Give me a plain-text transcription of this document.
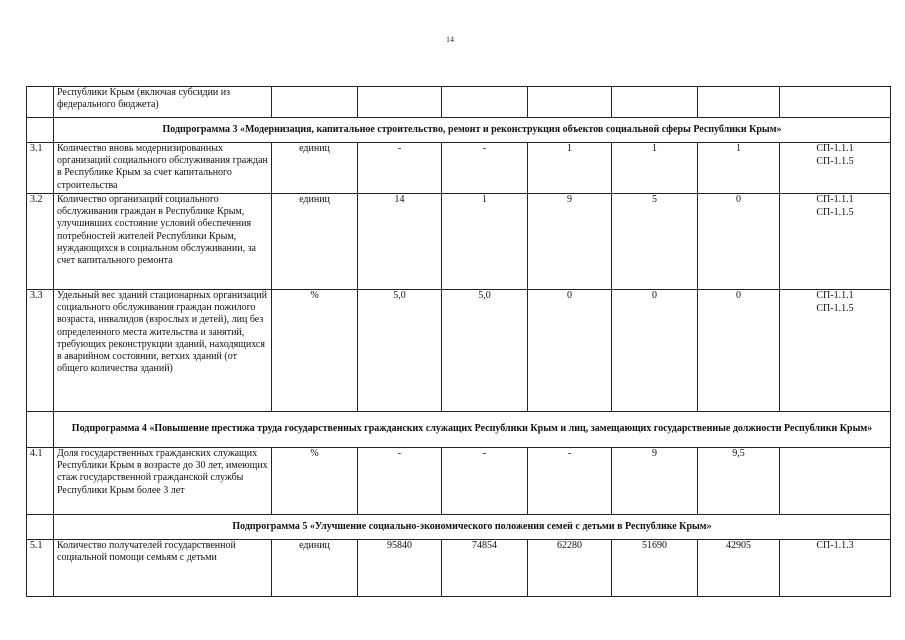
14
	Республики Крым (включая субсидии из федерального бюджета)							
	Подпрограмма 3 «Модернизация, капитальное строительство, ремонт и реконструкция объектов социальной сферы Республики Крым»							
3.1	Количество вновь модернизированных организаций социального обслуживания граждан в Республике Крым за счет капитального строительства	единиц	-	-	1	1	1	СП-1.1.1
СП-1.1.5

3.2	Количество организаций социального обслуживания граждан в Республике Крым, улучшивших состояние условий обеспечения потребностей жителей Республики Крым, нуждающихся в социальном обслуживании, за счет капитального ремонта	единиц	14	1	9	5	0	СП-1.1.1
СП-1.1.5

3.3	Удельный вес зданий стационарных организаций социального обслуживания граждан пожилого возраста, инвалидов (взрослых и детей), лиц без определенного места жительства и занятий, требующих реконструкции зданий, находящихся в аварийном состоянии, ветхих зданий (от общего количества зданий)	%	5,0	5,0	0	0	0	СП-1.1.1
СП-1.1.5

	Подпрограмма 4 «Повышение престижа труда государственных гражданских служащих Республики Крым и лиц, замещающих государственные должности Республики Крым»							
4.1	Доля государственных гражданских служащих Республики Крым в возрасте до 30 лет, имеющих стаж государственной гражданской службы Республики Крым более 3 лет	%	-	-	-	9	9,5	
	Подпрограмма 5 «Улучшение социально-экономического положения семей с детьми в Республике Крым»							
5.1	Количество получателей государственной социальной помощи семьям с детьми	единиц	95840	74854	62280	51690	42905	СП-1.1.3
